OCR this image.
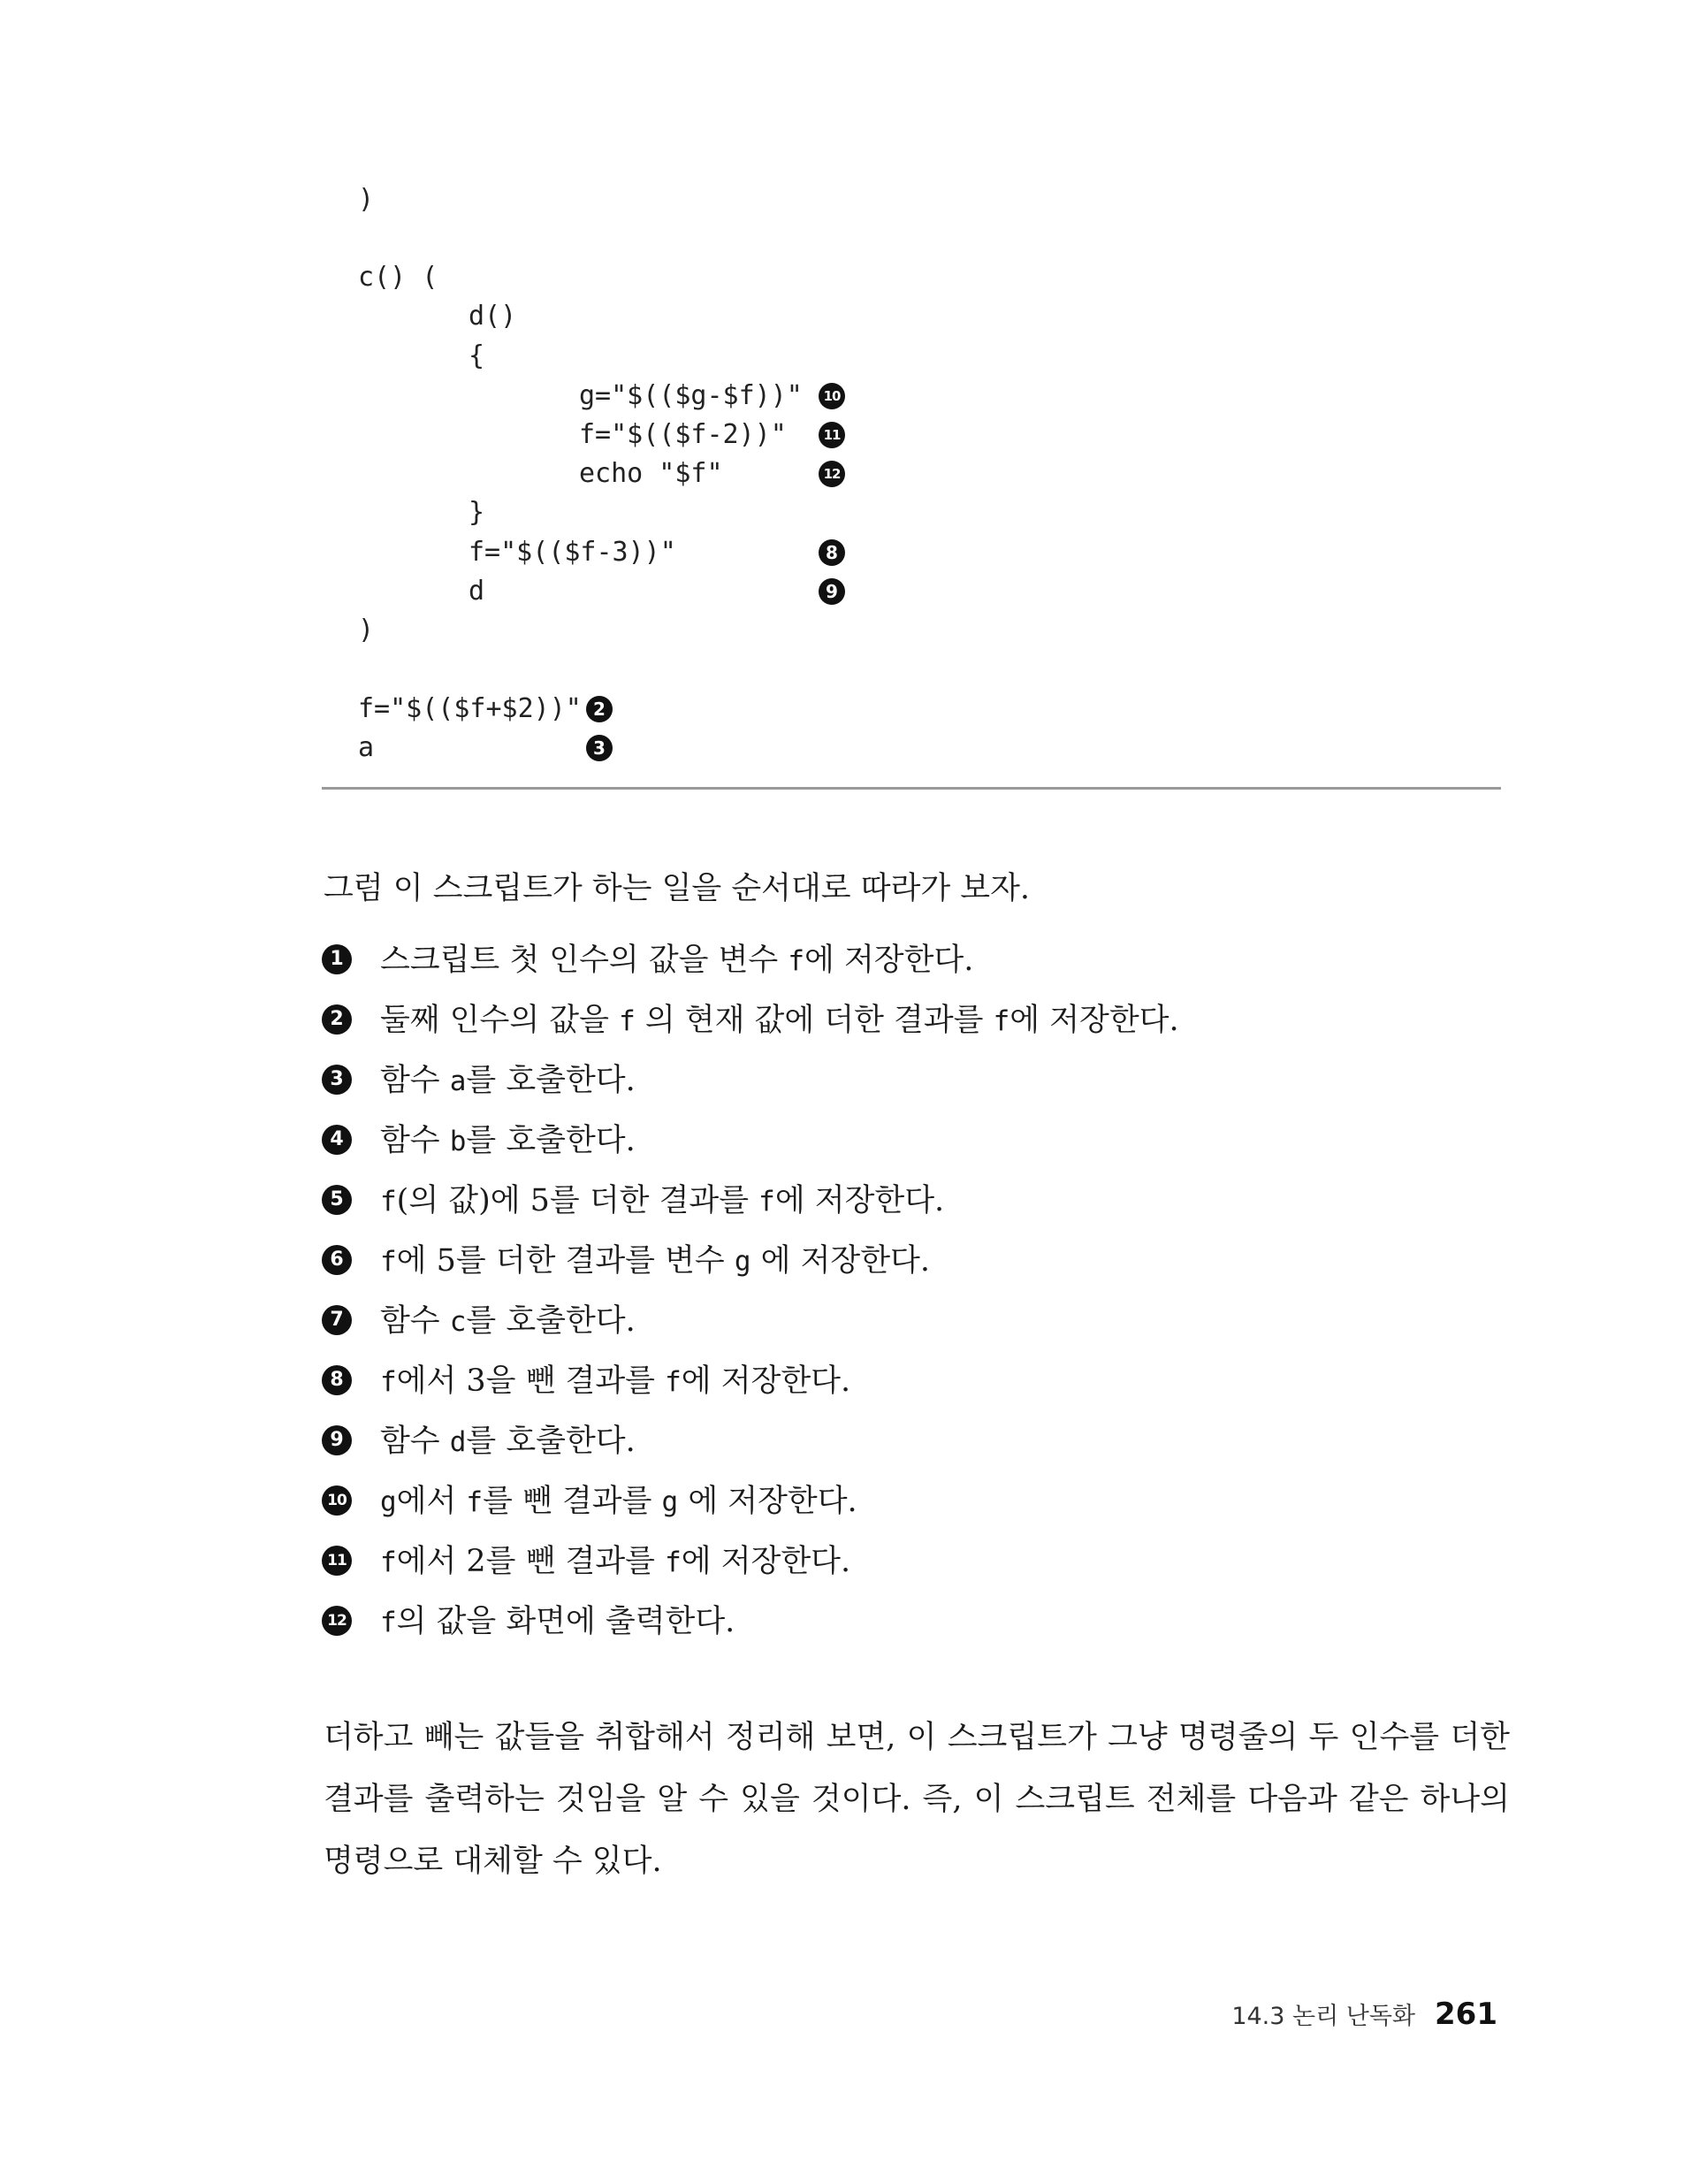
)
c() (
d()
{
g="$(($g-$f))"	10
f="$(($f-2))"	11
echo "$f"	12
}
f="$(($f-3))"	8
d	9
)
f="$(($f+$2))" 2
a	3
그럼 이 스크립트가 하는 일을 순서대로 따라가 보자.
1 스크립트 첫 인수의 값을 변수 f에 저장한다.
2 둘째 인수의 값을 f 의 현재 값에 더한 결과를 f에 저장한다.
3 함수 a를 호출한다.
4 함수 b를 호출한다.
5	f(의 값)에 5를 더한 결과를 f에 저장한다.
6	f에 5를 더한 결과를 변수 g 에 저장한다.
7 함수 c를 호출한다.
8	f에서 3을 뺀 결과를 f에 저장한다.
9 함수 d를 호출한다.
10 g에서 f를 뺀 결과를 g 에 저장한다.
11 f에서 2를 뺀 결과를 f에 저장한다.
12 f의 값을 화면에 출력한다.
더하고 빼는 값들을 취합해서 정리해 보면, 이 스크립트가 그냥 명령줄의 두 인수를 더한 결과를 출력하는 것임을 알 수 있을 것이다. 즉, 이 스크립트 전체를 다음과 같은 하나의 명령으로 대체할 수 있다.
14.3 논리 난독화 261
